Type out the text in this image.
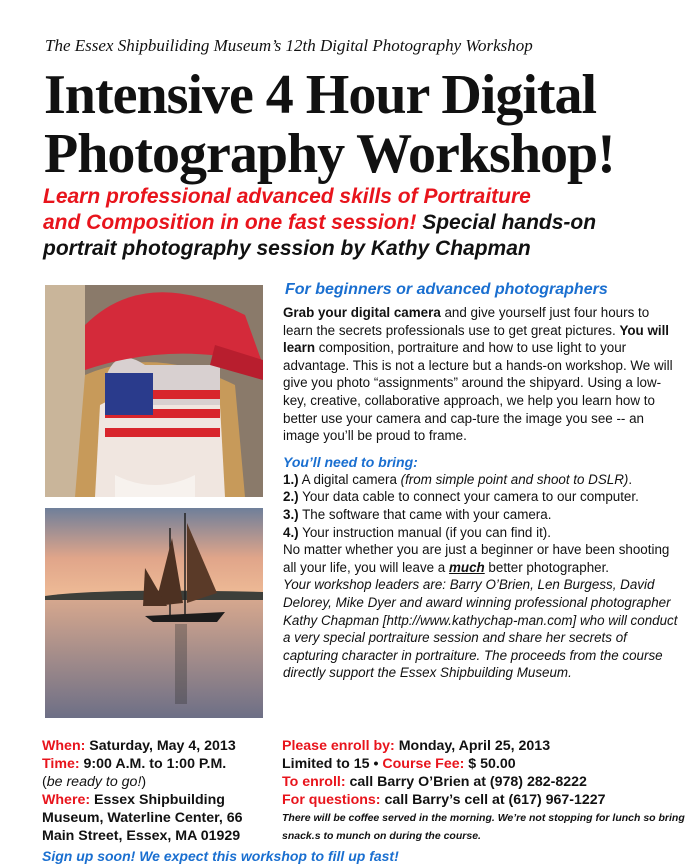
The Essex Shipbuiliding Museum’s 12th Digital Photography Workshop
Intensive 4 Hour Digital
Photography Workshop!
Learn professional advanced skills of Portraiture
and Composition in one fast session! Special hands-on
portrait photography session by Kathy Chapman
For beginners or advanced photographers
Grab your digital camera and give yourself just four hours to learn the secrets professionals use to get great pictures. You will learn composition, portraiture and how to use light to your advantage. This is not a lecture but a hands-on workshop. We will give you photo “assignments” around the shipyard. Using a low-key, creative, collaborative approach, we help you learn how to better use your camera and cap-ture the image you see -- an image you’ll be proud to frame.
You’ll need to bring:

1.) A digital camera (from simple point and shoot to DSLR).

2.) Your data cable to connect your camera to our computer.

3.) The software that came with your camera.

4.) Your instruction manual (if you can find it).

No matter whether you are just a beginner or have been shooting all your life, you will leave a much better photographer.

Your workshop leaders are: Barry O’Brien, Len Burgess, David Delorey, Mike Dyer and award winning professional photographer Kathy Chapman [http://www.kathychap-man.com] who will conduct a very special portraiture session and share her secrets of capturing character in portraiture. The proceeds from the course directly support the Essex Shipbuilding Museum.

When: Saturday, May 4, 2013
Time: 9:00 A.M. to 1:00 P.M.
(be ready to go!)
Where: Essex Shipbuilding Museum, Waterline Center, 66 Main Street, Essex, MA 01929
Please enroll by: Monday, April 25, 2013
Limited to 15 • Course Fee: $ 50.00
To enroll: call Barry O’Brien at (978) 282-8222
For questions: call Barry’s cell at (617) 967-1227
There will be coffee served in the morning. We’re not stopping for lunch so bring snack.s to munch on during the course.
Sign up soon! We expect this workshop to fill up fast!
